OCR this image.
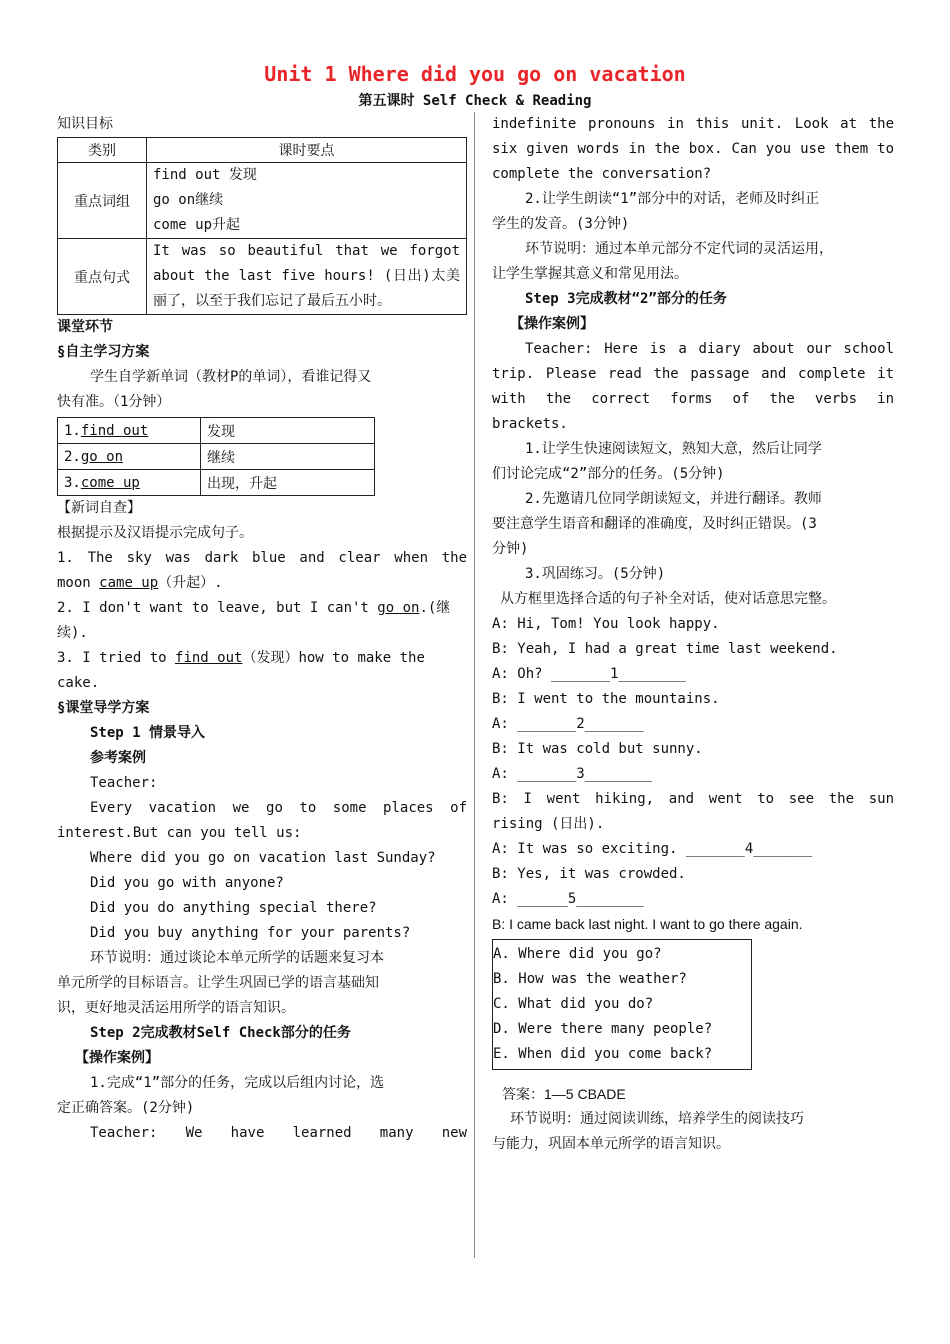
Unit 1 Where did you go on vacation
第五课时 Self Check & Reading
知识目标
类别	课时要点
重点词组	find out 发现
go on继续
come up升起

重点句式	It was so beautiful that we forgot
about the last five hours! (日出)太美
丽了，以至于我们忘记了最后五小时。
课堂环节
§自主学习方案
学生自学新单词（教材P的单词），看谁记得又
快有准。（1分钟）
1.find out	发现
2.go on	继续
3.come up	出现，升起
【新词自查】
根据提示及汉语提示完成句子。
1. The sky was dark blue and clear when the
moon came up（升起）.
2. I don't want to leave, but I can't go on.(继
续).
3. I tried to find out（发现）how to make the
cake.
§课堂导学方案
Step 1 情景导入
参考案例
Teacher:
Every vacation we go to some places of
interest.But can you tell us:
Where did you go on vacation last Sunday?
Did you go with anyone?
Did you do anything special there?
Did you buy anything for your parents?
环节说明：通过谈论本单元所学的话题来复习本
单元所学的目标语言。让学生巩固已学的语言基础知
识，更好地灵活运用所学的语言知识。
Step 2完成教材Self Check部分的任务
【操作案例】
1.完成“1”部分的任务，完成以后组内讨论，选
定正确答案。(2分钟)
Teacher: We have learned many new
indefinite pronouns in this unit. Look at the
six given words in the box. Can you use them to
complete the conversation?
2.让学生朗读“1”部分中的对话，老师及时纠正
学生的发音。(3分钟)
环节说明：通过本单元部分不定代词的灵活运用，
让学生掌握其意义和常见用法。
Step 3完成教材“2”部分的任务
【操作案例】
Teacher: Here is a diary about our school
trip. Please read the passage and complete it
with the correct forms of the verbs in
brackets.
1.让学生快速阅读短文，熟知大意，然后让同学
们讨论完成“2”部分的任务。(5分钟)
2.先邀请几位同学朗读短文，并进行翻译。教师
要注意学生语音和翻译的准确度，及时纠正错误。(3
分钟)
3.巩固练习。(5分钟)
从方框里选择合适的句子补全对话，使对话意思完整。
A: Hi, Tom! You look happy.
B: Yeah, I had a great time last weekend.
A: Oh? _______1________
B: I went to the mountains.
A: _______2_______
B: It was cold but sunny.
A: _______3________
B: I went hiking, and went to see the sun
rising (日出).
A: It was so exciting. _______4_______
B: Yes, it was crowded.
A: ______5________
B: I came back last night. I want to go there again.
A. Where did you go?
B. How was the weather?
C. What did you do?
D. Were there many people?
E. When did you come back?
答案：1—5 CBADE
环节说明：通过阅读训练，培养学生的阅读技巧
与能力，巩固本单元所学的语言知识。
